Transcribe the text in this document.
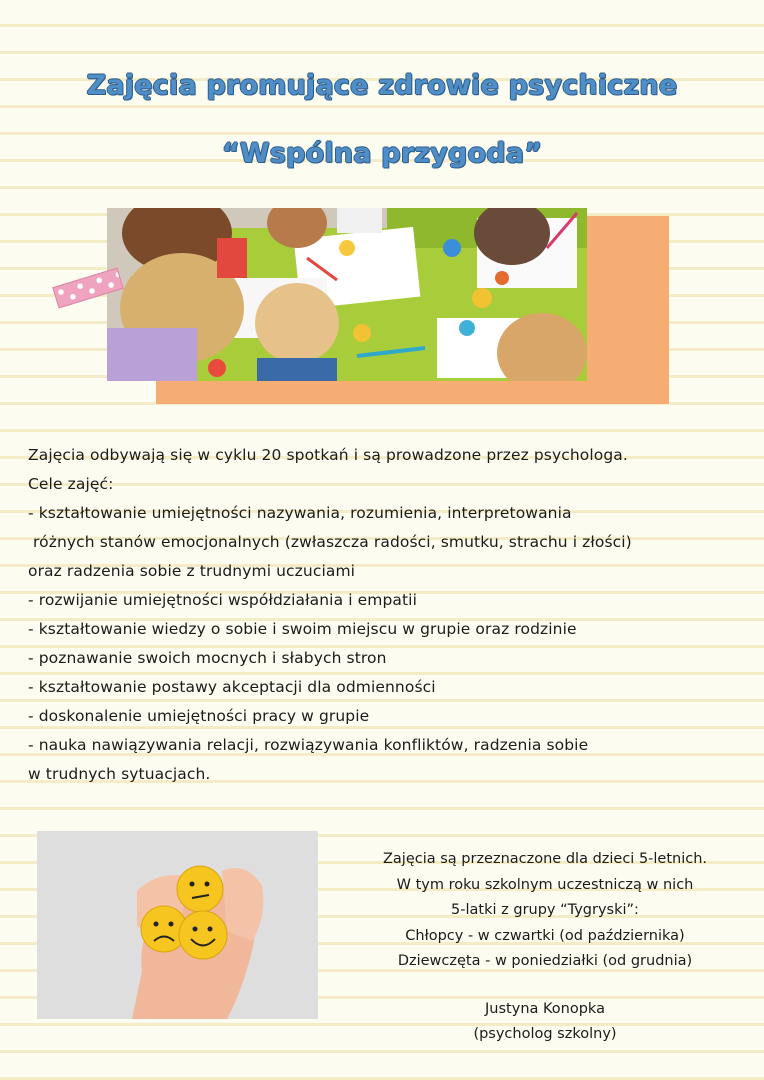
Zajęcia promujące zdrowie psychiczne
“Wspólna przygoda”
Zajęcia odbywają się w cyklu 20 spotkań i są prowadzone przez psychologa.
Cele zajęć:
- kształtowanie umiejętności nazywania, rozumienia, interpretowania
różnych stanów emocjonalnych (zwłaszcza radości, smutku, strachu i złości)
oraz radzenia sobie z trudnymi uczuciami
- rozwijanie umiejętności współdziałania i empatii
- kształtowanie wiedzy o sobie i swoim miejscu w grupie oraz rodzinie
- poznawanie swoich mocnych i słabych stron
- kształtowanie postawy akceptacji dla odmienności
- doskonalenie umiejętności pracy w grupie
- nauka nawiązywania relacji, rozwiązywania konfliktów, radzenia sobie
w trudnych sytuacjach.
Zajęcia są przeznaczone dla dzieci 5-letnich.
W tym roku szkolnym uczestniczą w nich
5-latki z grupy “Tygryski”:
Chłopcy - w czwartki (od października)
Dziewczęta - w poniedziałki (od grudnia)
Justyna Konopka
(psycholog szkolny)
